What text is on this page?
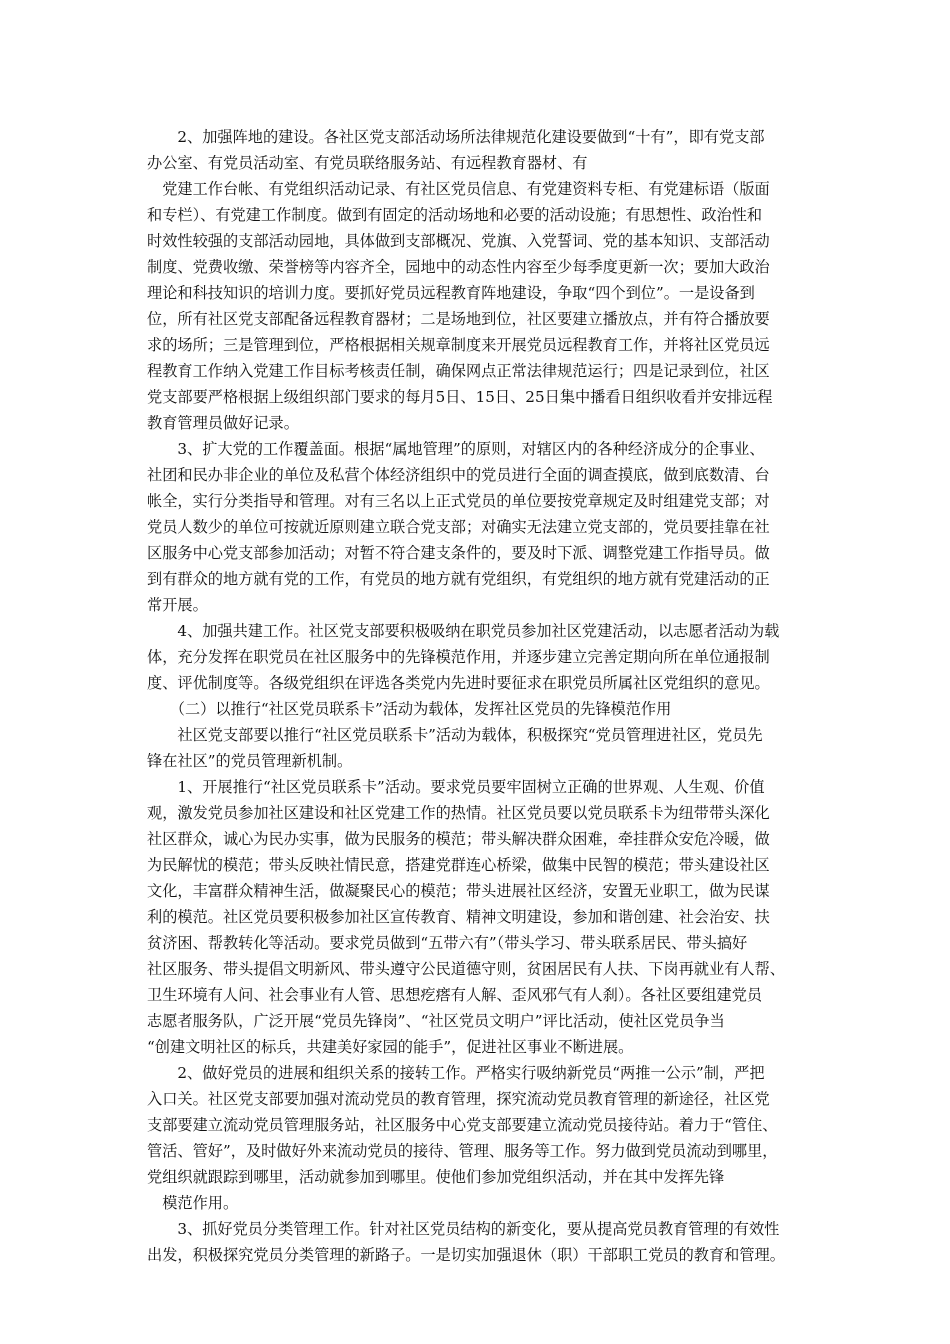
　　2、加强阵地的建设。各社区党支部活动场所法律规范化建设要做到“十有”，即有党支部
办公室、有党员活动室、有党员联络服务站、有远程教育器材、有
　党建工作台帐、有党组织活动记录、有社区党员信息、有党建资料专柜、有党建标语（版面
和专栏）、有党建工作制度。做到有固定的活动场地和必要的活动设施；有思想性、政治性和
时效性较强的支部活动园地，具体做到支部概况、党旗、入党誓词、党的基本知识、支部活动
制度、党费收缴、荣誉榜等内容齐全，园地中的动态性内容至少每季度更新一次；要加大政治
理论和科技知识的培训力度。要抓好党员远程教育阵地建设，争取“四个到位”。一是设备到
位，所有社区党支部配备远程教育器材；二是场地到位，社区要建立播放点，并有符合播放要
求的场所；三是管理到位，严格根据相关规章制度来开展党员远程教育工作，并将社区党员远
程教育工作纳入党建工作目标考核责任制，确保网点正常法律规范运行；四是记录到位，社区
党支部要严格根据上级组织部门要求的每月5日、15日、25日集中播看日组织收看并安排远程
教育管理员做好记录。
　　3、扩大党的工作覆盖面。根据“属地管理”的原则，对辖区内的各种经济成分的企事业、
社团和民办非企业的单位及私营个体经济组织中的党员进行全面的调查摸底，做到底数清、台
帐全，实行分类指导和管理。对有三名以上正式党员的单位要按党章规定及时组建党支部；对
党员人数少的单位可按就近原则建立联合党支部；对确实无法建立党支部的，党员要挂靠在社
区服务中心党支部参加活动；对暂不符合建支条件的，要及时下派、调整党建工作指导员。做
到有群众的地方就有党的工作，有党员的地方就有党组织，有党组织的地方就有党建活动的正
常开展。
　　4、加强共建工作。社区党支部要积极吸纳在职党员参加社区党建活动，以志愿者活动为载
体，充分发挥在职党员在社区服务中的先锋模范作用，并逐步建立完善定期向所在单位通报制
度、评优制度等。各级党组织在评选各类党内先进时要征求在职党员所属社区党组织的意见。
　　（二）以推行“社区党员联系卡”活动为载体，发挥社区党员的先锋模范作用
　　社区党支部要以推行“社区党员联系卡”活动为载体，积极探究“党员管理进社区，党员先
锋在社区”的党员管理新机制。
　　1、开展推行“社区党员联系卡”活动。要求党员要牢固树立正确的世界观、人生观、价值
观，激发党员参加社区建设和社区党建工作的热情。社区党员要以党员联系卡为纽带带头深化
社区群众，诚心为民办实事，做为民服务的模范；带头解决群众困难，牵挂群众安危冷暖，做
为民解忧的模范；带头反映社情民意，搭建党群连心桥梁，做集中民智的模范；带头建设社区
文化，丰富群众精神生活，做凝聚民心的模范；带头进展社区经济，安置无业职工，做为民谋
利的模范。社区党员要积极参加社区宣传教育、精神文明建设，参加和谐创建、社会治安、扶
贫济困、帮教转化等活动。要求党员做到“五带六有”（带头学习、带头联系居民、带头搞好
社区服务、带头提倡文明新风、带头遵守公民道德守则，贫困居民有人扶、下岗再就业有人帮、
卫生环境有人问、社会事业有人管、思想疙瘩有人解、歪风邪气有人刹）。各社区要组建党员
志愿者服务队，广泛开展“党员先锋岗”、“社区党员文明户”评比活动，使社区党员争当
“创建文明社区的标兵，共建美好家园的能手”，促进社区事业不断进展。
　　2、做好党员的进展和组织关系的接转工作。严格实行吸纳新党员“两推一公示”制，严把
入口关。社区党支部要加强对流动党员的教育管理，探究流动党员教育管理的新途径，社区党
支部要建立流动党员管理服务站，社区服务中心党支部要建立流动党员接待站。着力于“管住、
管活、管好”，及时做好外来流动党员的接待、管理、服务等工作。努力做到党员流动到哪里，
党组织就跟踪到哪里，活动就参加到哪里。使他们参加党组织活动，并在其中发挥先锋
　模范作用。
　　3、抓好党员分类管理工作。针对社区党员结构的新变化，要从提高党员教育管理的有效性
出发，积极探究党员分类管理的新路子。一是切实加强退休（职）干部职工党员的教育和管理。
